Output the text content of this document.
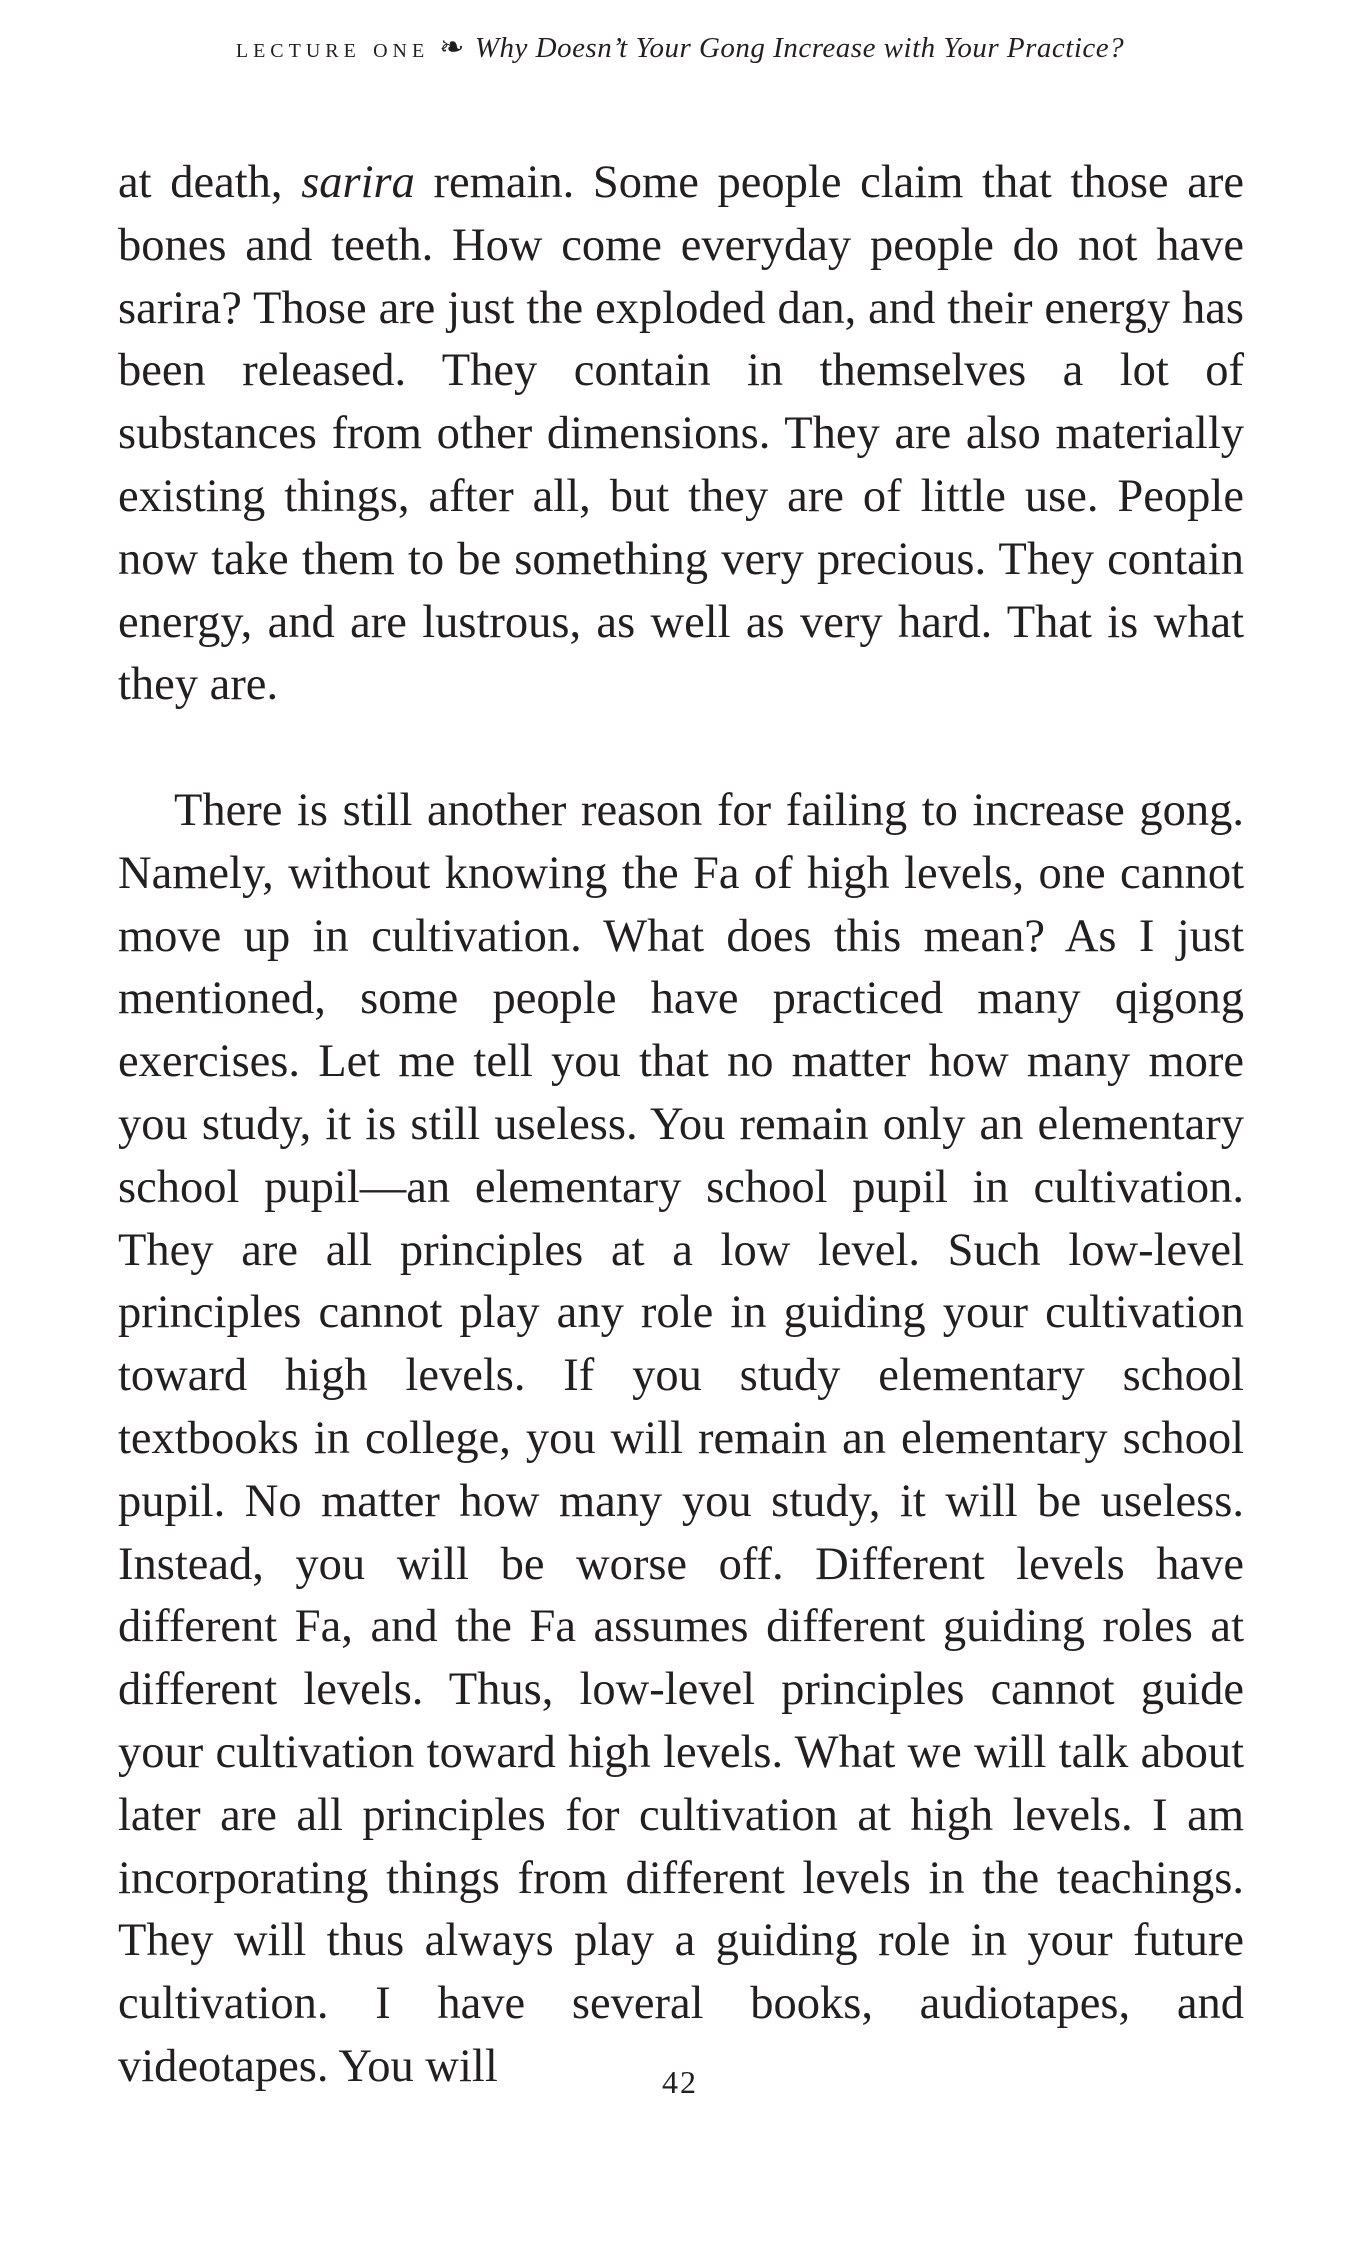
lecture one ❧ Why Doesn’t Your Gong Increase with Your Practice?

at death, sarira remain. Some people claim that those are bones and teeth. How come everyday people do not have sarira? Those are just the exploded dan, and their energy has been released. They contain in themselves a lot of substances from other dimensions. They are also materially existing things, after all, but they are of little use. People now take them to be something very precious. They contain energy, and are lustrous, as well as very hard. That is what they are.

There is still another reason for failing to increase gong. Namely, without knowing the Fa of high levels, one cannot move up in cultivation. What does this mean? As I just mentioned, some people have practiced many qigong exercises. Let me tell you that no matter how many more you study, it is still useless. You remain only an elementary school pupil—an elementary school pupil in cultivation. They are all principles at a low level. Such low-level principles cannot play any role in guiding your cultivation toward high levels. If you study elementary school textbooks in college, you will remain an elementary school pupil. No matter how many you study, it will be useless. Instead, you will be worse off. Different levels have different Fa, and the Fa assumes different guiding roles at different levels. Thus, low-level principles cannot guide your cultivation toward high levels. What we will talk about later are all principles for cultivation at high levels. I am incorporating things from different levels in the teachings. They will thus always play a guiding role in your future cultivation. I have several books, audiotapes, and videotapes. You will	42
